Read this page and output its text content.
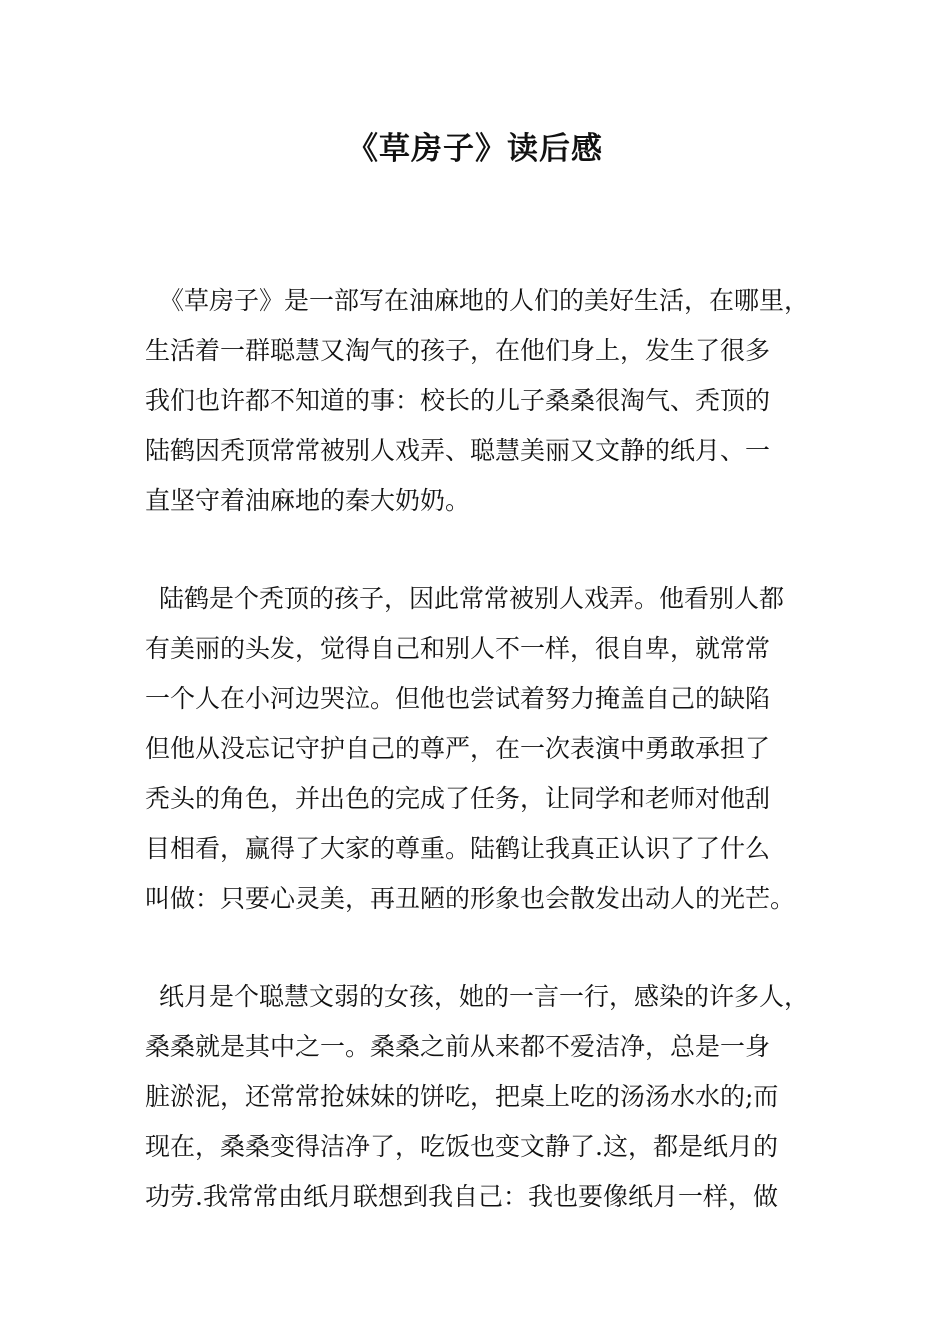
《草房子》读后感
《草房子》是一部写在油麻地的人们的美好生活，在哪里，
生活着一群聪慧又淘气的孩子，在他们身上，发生了很多
我们也许都不知道的事：校长的儿子桑桑很淘气、秃顶的
陆鹤因秃顶常常被别人戏弄、聪慧美丽又文静的纸月、一
直坚守着油麻地的秦大奶奶。
陆鹤是个秃顶的孩子，因此常常被别人戏弄。他看别人都
有美丽的头发，觉得自己和别人不一样，很自卑，就常常
一个人在小河边哭泣。但他也尝试着努力掩盖自己的缺陷
但他从没忘记守护自己的尊严，在一次表演中勇敢承担了
秃头的角色，并出色的完成了任务，让同学和老师对他刮
目相看，赢得了大家的尊重。陆鹤让我真正认识了了什么
叫做：只要心灵美，再丑陋的形象也会散发出动人的光芒。
纸月是个聪慧文弱的女孩，她的一言一行，感染的许多人，
桑桑就是其中之一。桑桑之前从来都不爱洁净，总是一身
脏淤泥，还常常抢妹妹的饼吃，把桌上吃的汤汤水水的;而
现在，桑桑变得洁净了，吃饭也变文静了.这，都是纸月的
功劳.我常常由纸月联想到我自己：我也要像纸月一样，做
